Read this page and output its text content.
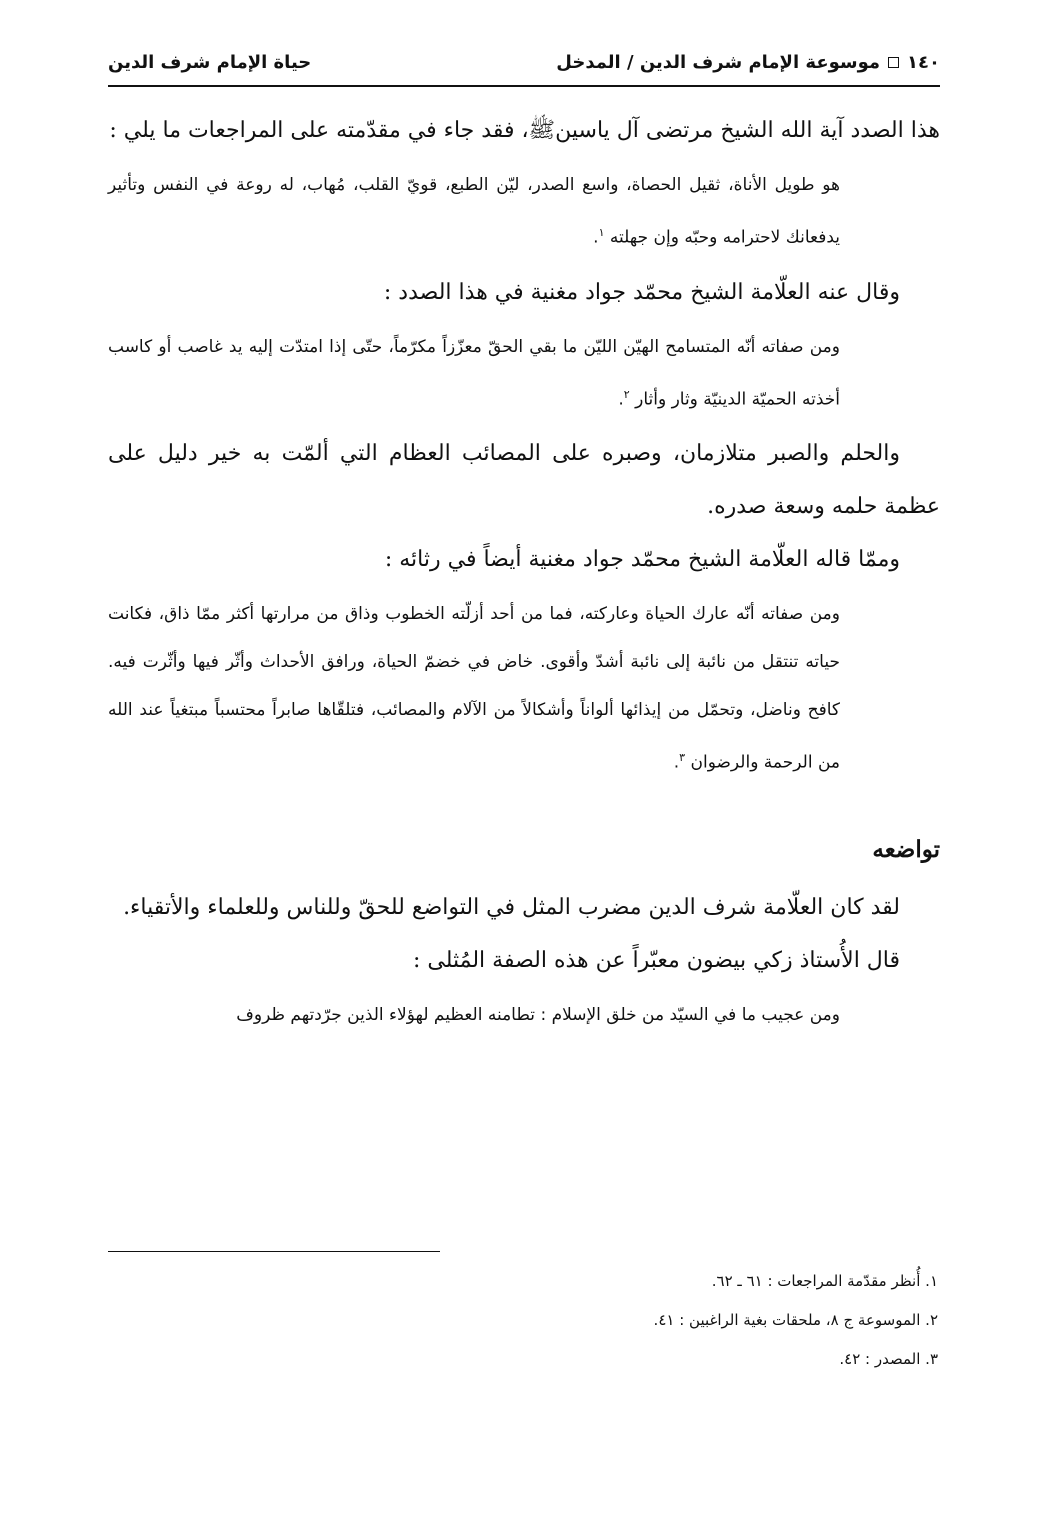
١٤٠
موسوعة الإمام شرف الدين / المدخل
حياة الإمام شرف الدين

هذا الصدد آية الله الشيخ مرتضى آل ياسينﷺ، فقد جاء في مقدّمته على المراجعات ما يلي :

هو طويل الأناة، ثقيل الحصاة، واسع الصدر، ليّن الطبع، قويّ القلب، مُهاب، له روعة في النفس وتأثير يدفعانك لاحترامه وحبّه وإن جهلته $^١$.

وقال عنه العلّامة الشيخ محمّد جواد مغنية في هذا الصدد :

ومن صفاته أنّه المتسامح الهيّن الليّن ما بقي الحقّ معزّزاً مكرّماً، حتّى إذا امتدّت إليه يد غاصب أو كاسب أخذته الحميّة الدينيّة وثار وأثار $^٢$.

والحلم والصبر متلازمان، وصبره على المصائب العظام التي ألمّت به خير دليل على عظمة حلمه وسعة صدره.

وممّا قاله العلّامة الشيخ محمّد جواد مغنية أيضاً في رثائه :

ومن صفاته أنّه عارك الحياة وعاركته، فما من أحد أزلّته الخطوب وذاق من مرارتها أكثر ممّا ذاق، فكانت حياته تنتقل من نائبة إلى نائبة أشدّ وأقوى. خاض في خضمّ الحياة، ورافق الأحداث وأثّر فيها وأثّرت فيه. كافح وناضل، وتحمّل من إيذائها ألواناً وأشكالاً من الآلام والمصائب، فتلقّاها صابراً محتسباً مبتغياً عند الله من الرحمة والرضوان $^٣$.

تواضعه

لقد كان العلّامة شرف الدين مضرب المثل في التواضع للحقّ وللناس وللعلماء والأتقياء.

قال الأُستاذ زكي بيضون معبّراً عن هذه الصفة المُثلى :

ومن عجيب ما في السيّد من خلق الإسلام : تطامنه العظيم لهؤلاء الذين جرّدتهم ظروف

١. أُنظر مقدّمة المراجعات : ٦١ ـ ٦٢.

٢. الموسوعة ج ٨، ملحقات بغية الراغبين : ٤١.

٣. المصدر : ٤٢.
